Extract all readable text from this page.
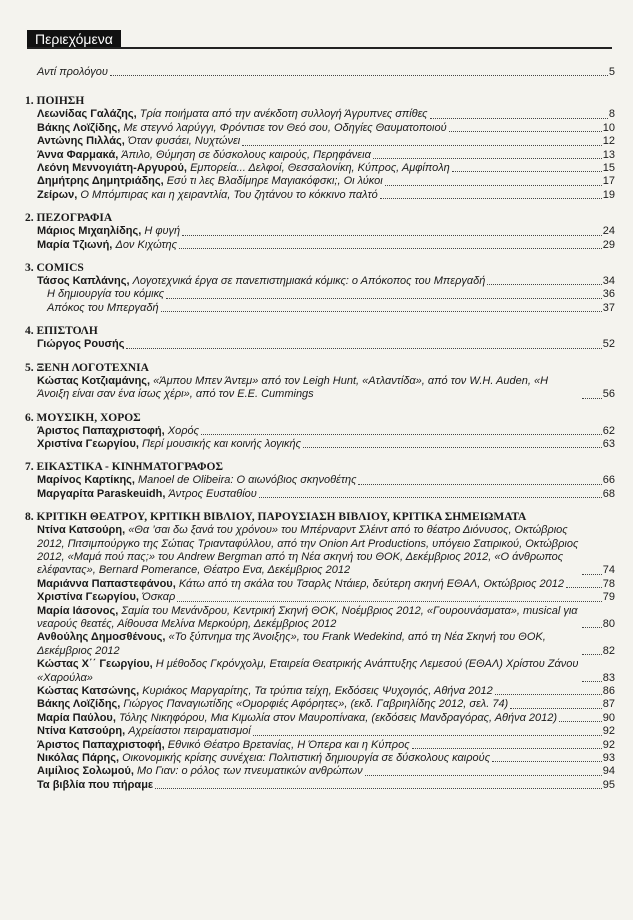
Περιεχόμενα
Αντί προλόγου	5
1. ΠΟΙΗΣΗ
Λεωνίδας Γαλάζης, Τρία ποιήματα από την ανέκδοτη συλλογή Άγρυπνες σπίθες	8
Βάκης Λοϊζίδης, Με στεγνό λαρύγγι, Φρόντισε τον Θεό σου, Οδηγίες Θαυματοποιού	10
Αντώνης Πιλλάς, Όταν φυσάει, Νυχτώνει	12
Άννα Φαρμακά, Άπιλο, Θύμηση σε δύσκολους καιρούς, Περηφάνεια	13
Λεόνη Μεννογιάτη-Αργυρού, Εμπορεία... Δελφοί, Θεσσαλονίκη, Κύπρος, Αμφίπολη	15
Δημήτρης Δημητριάδης, Εσύ τι λες Βλαδίμηρε Μαγιακόφσκι;, Οι λύκοι	17
Ζείρων, Ο Μπόμπιρας και η χειραντλία, Του ζητάνου το κόκκινο παλτό	19
2. ΠΕΖΟΓΡΑΦΙΑ
Μάριος Μιχαηλίδης, Η φυγή	24
Μαρία Τζιωνή, Δον Κιχώτης	29
3. COMICS
Τάσος Καπλάνης, Λογοτεχνικά έργα σε πανεπιστημιακά κόμικς: ο Απόκοπος του Μπεργαδή	34
Η δημιουργία του κόμικς	36
Απόκος του Μπεργαδή	37
4. ΕΠΙΣΤΟΛΗ
Γιώργος Ρουσής	52
5. ΞΕΝΗ ΛΟΓΟΤΕΧΝΙΑ
Κώστας Κοτζιαμάνης, «Άμπου Μπεν Άντεμ» από τον Leigh Hunt, «Ατλαντίδα», από τον W.H. Auden, «Η Άνοιξη είναι σαν ένα ίσως χέρι», από τον E.E. Cummings	56
6. ΜΟΥΣΙΚΗ, ΧΟΡΟΣ
Άριστος Παπαχριστοφή, Χορός	62
Χριστίνα Γεωργίου, Περί μουσικής και κοινής λογικής	63
7. ΕΙΚΑΣΤΙΚΑ - ΚΙΝΗΜΑΤΟΓΡΑΦΟΣ
Μαρίνος Καρτίκης, Manoel de Olibeira: Ο αιωνόβιος σκηνοθέτης	66
Μαργαρίτα Paraskeuidh, Άντρος Ευσταθίου	68
8. ΚΡΙΤΙΚΗ ΘΕΑΤΡΟΥ, ΚΡΙΤΙΚΗ ΒΙΒΛΙΟΥ, ΠΑΡΟΥΣΙΑΣΗ ΒΙΒΛΙΟΥ, ΚΡΙΤΙΚΑ ΣΗΜΕΙΩΜΑΤΑ
Ντίνα Κατσούρη, «Θα ’σαι δω ξανά του χρόνου» του Μπέρναρντ Σλέιντ από το θέατρο Διόνυσος, Οκτώβριος 2012, Πιτσιμπούργκο της Σώτιας Τριανταφύλλου, από την Onion Art Productions, υπόγειο Σατιρικού, Οκτώβριος 2012, «Μαμά πού πας;» του Andrew Bergman από τη Νέα σκηνή του ΘΟΚ, Δεκέμβριος 2012, «Ο άνθρωπος ελέφαντας», Bernard Pomerance, Θέατρο Ενα, Δεκέμβριος 2012	74
Μαριάννα Παπαστεφάνου, Κάτω από τη σκάλα του Τσαρλς Ντάιερ, δεύτερη σκηνή ΕΘΑΛ, Οκτώβριος 2012	78
Χριστίνα Γεωργίου, Όσκαρ	79
Μαρία Ιάσονος, Σαμία του Μενάνδρου, Κεντρική Σκηνή ΘΟΚ, Νοέμβριος 2012, «Γουρουνάσματα», musical για νεαρούς θεατές, Αίθουσα Μελίνα Μερκούρη, Δεκέμβριος 2012	80
Ανθούλης Δημοσθένους, «Το ξύπνημα της Άνοιξης», του Frank Wedekind, από τη Νέα Σκηνή του ΘΟΚ, Δεκέμβριος 2012	82
Κώστας Χ΄΄ Γεωργίου, Η μέθοδος Γκρόνχολμ, Εταιρεία Θεατρικής Ανάπτυξης Λεμεσού (ΕΘΑΛ) Χρίστου Ζάνου «Χαρούλα»	83
Κώστας Κατσώνης, Κυριάκος Μαργαρίτης, Τα τρύπια τείχη, Εκδόσεις Ψυχογιός, Αθήνα 2012	86
Βάκης Λοϊζίδης, Γιώργος Παναγιωτίδης «Ομορφιές Αφόρητες», (εκδ. Γαβριηλίδης 2012, σελ. 74)	87
Μαρία Παύλου, Τόλης Νικηφόρου, Μια Κιμωλία στον Μαυροπίνακα, (εκδόσεις Μανδραγόρας, Αθήνα 2012)	90
Ντίνα Κατσούρη, Αχρείαστοι πειραματισμοί	92
Άριστος Παπαχριστοφή, Εθνικό Θέατρο Βρετανίας, Η Όπερα και η Κύπρος	92
Νικόλας Πάρης, Οικονομικής κρίσης συνέχεια: Πολιτιστική δημιουργία σε δύσκολους καιρούς	93
Αιμίλιος Σολωμού, Μο Γιαν: ο ρόλος των πνευματικών ανθρώπων	94
Τα βιβλία που πήραμε	95
